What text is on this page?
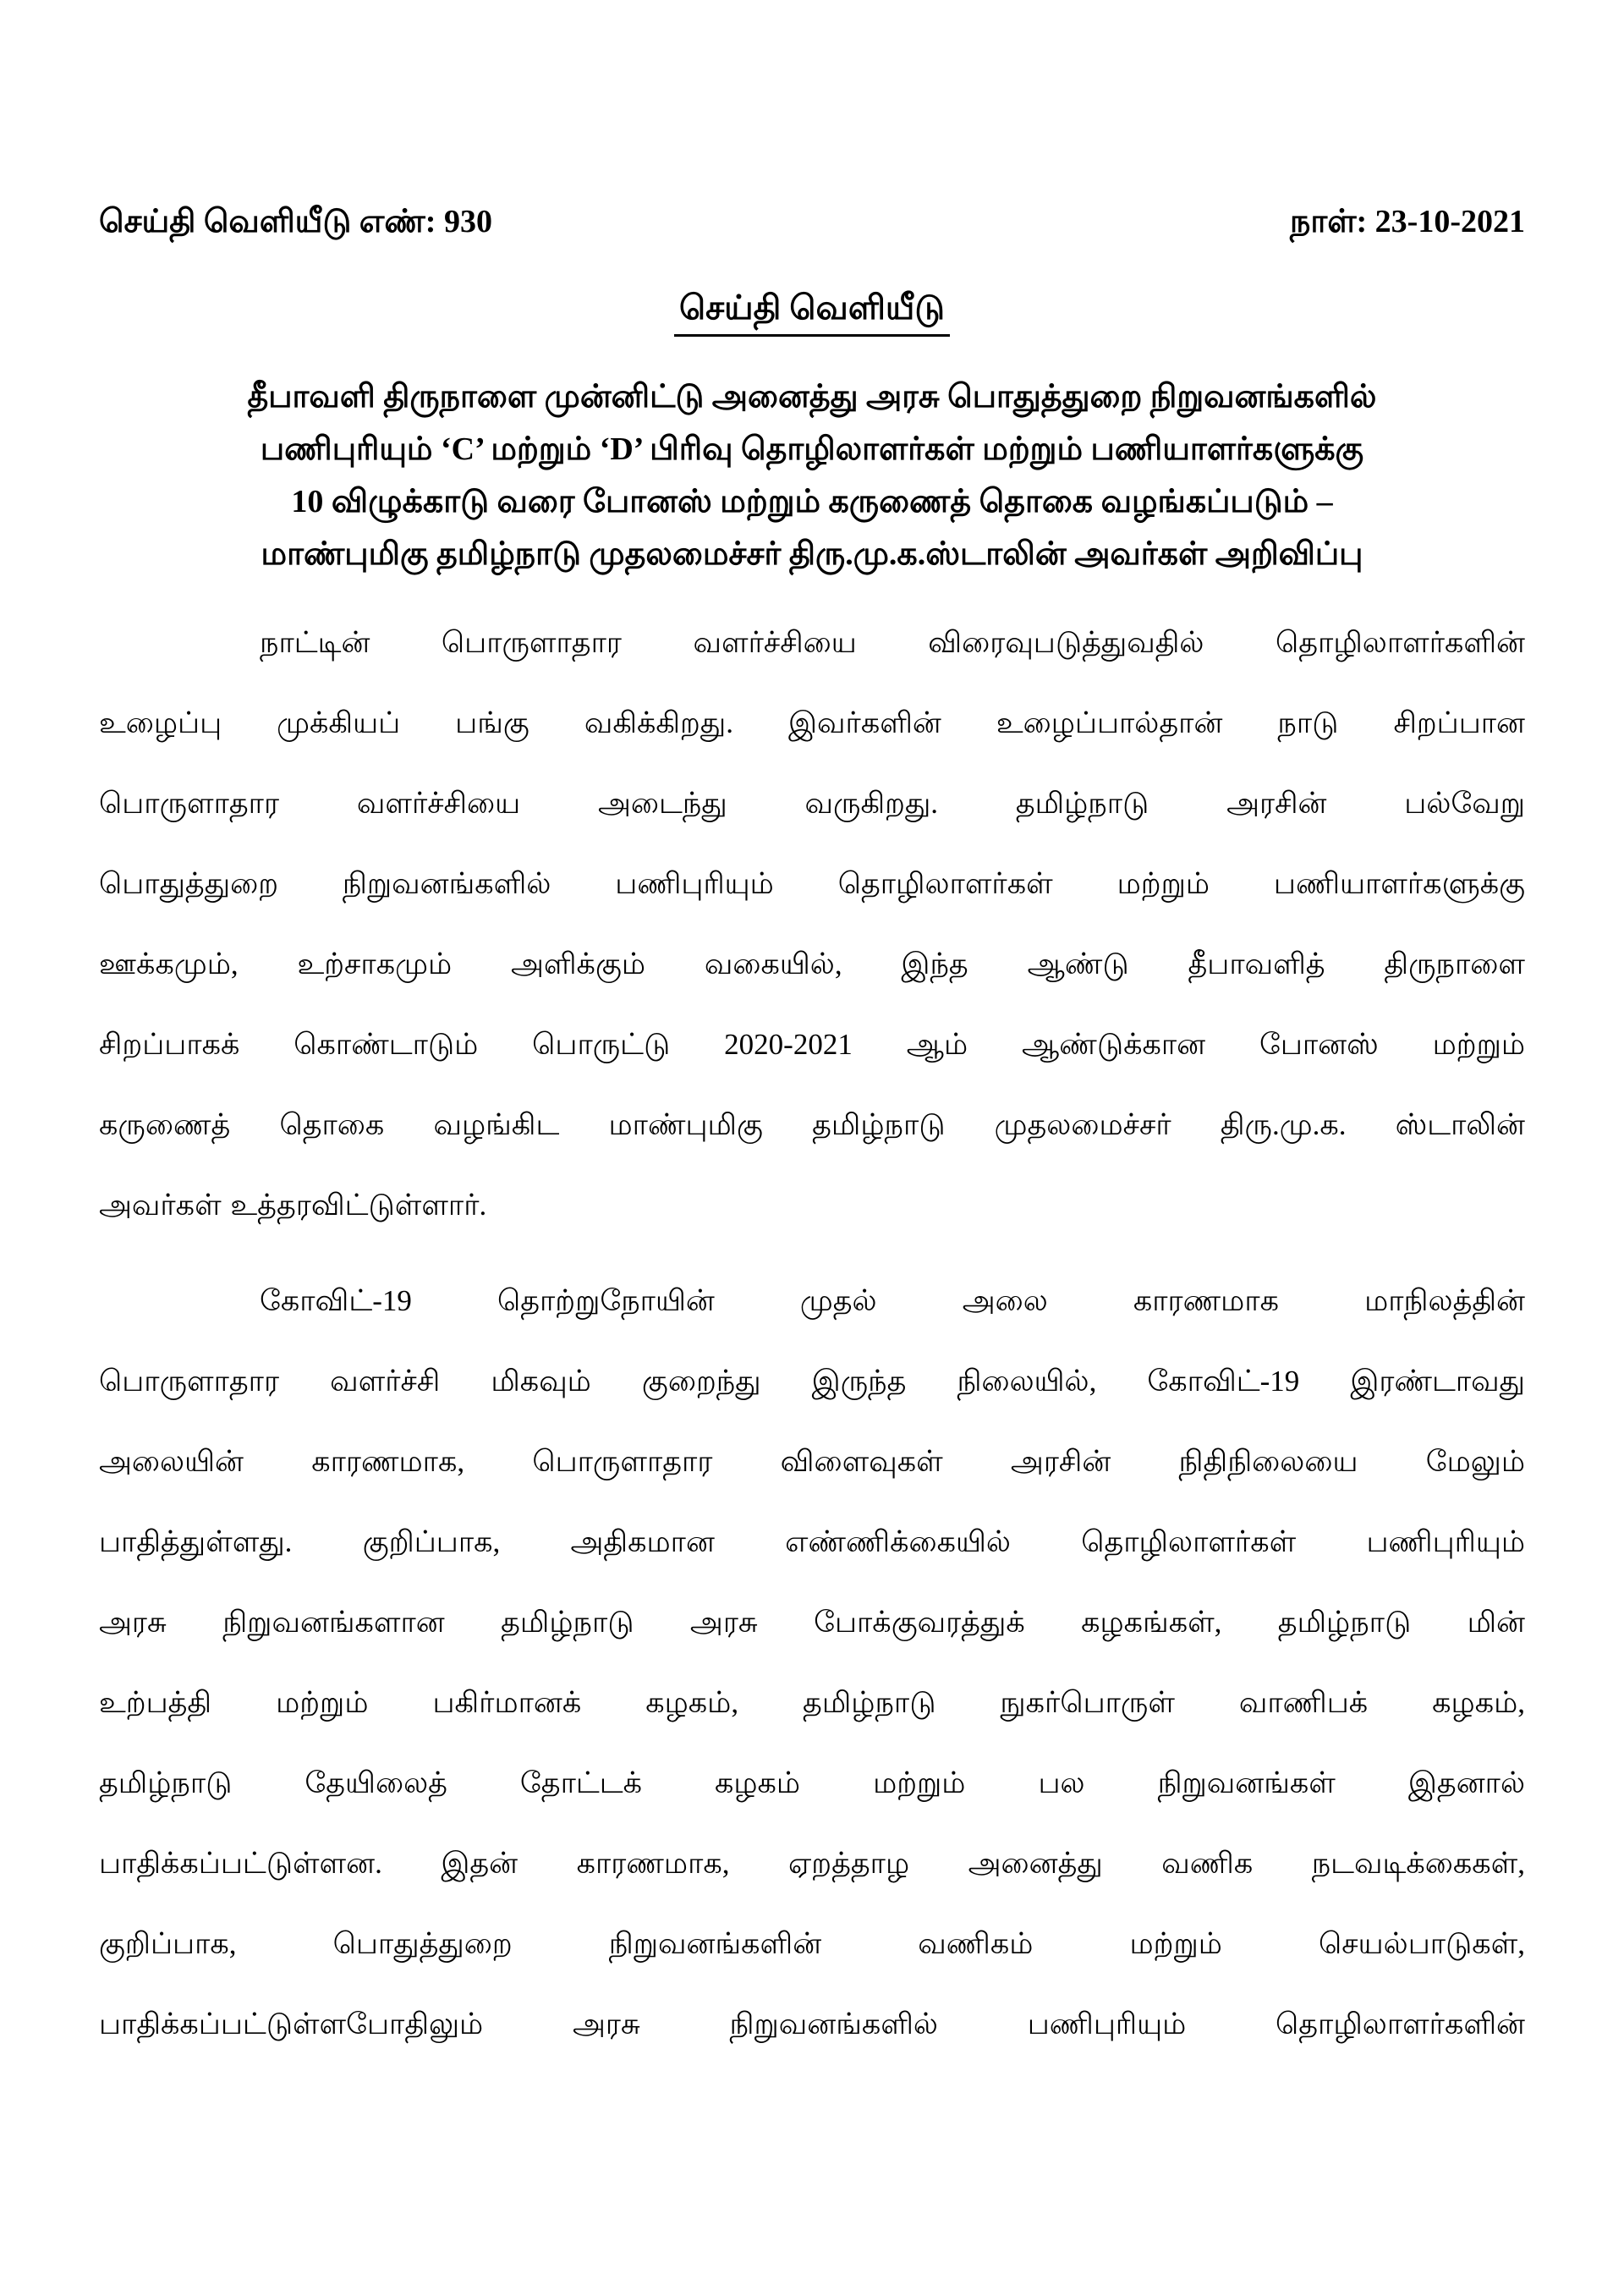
செய்தி வெளியீடு எண்: 930	நாள்: 23-10-2021
செய்தி வெளியீடு
தீபாவளி திருநாளை முன்னிட்டு அனைத்து அரசு பொதுத்துறை நிறுவனங்களில்
பணிபுரியும் ‘C’ மற்றும் ‘D’ பிரிவு தொழிலாளர்கள் மற்றும் பணியாளர்களுக்கு
10 விழுக்காடு வரை போனஸ் மற்றும் கருணைத் தொகை வழங்கப்படும் –
மாண்புமிகு தமிழ்நாடு முதலமைச்சர் திரு.மு.க.ஸ்டாலின் அவர்கள் அறிவிப்பு
நாட்டின் பொருளாதார வளர்ச்சியை விரைவுபடுத்துவதில் தொழிலாளர்களின்
உழைப்பு முக்கியப் பங்கு வகிக்கிறது. இவர்களின் உழைப்பால்தான் நாடு சிறப்பான
பொருளாதார வளர்ச்சியை அடைந்து வருகிறது. தமிழ்நாடு அரசின் பல்வேறு
பொதுத்துறை நிறுவனங்களில் பணிபுரியும் தொழிலாளர்கள் மற்றும் பணியாளர்களுக்கு
ஊக்கமும், உற்சாகமும் அளிக்கும் வகையில், இந்த ஆண்டு தீபாவளித் திருநாளை
சிறப்பாகக் கொண்டாடும் பொருட்டு 2020-2021 ஆம் ஆண்டுக்கான போனஸ் மற்றும்
கருணைத் தொகை வழங்கிட மாண்புமிகு தமிழ்நாடு முதலமைச்சர் திரு.மு.க. ஸ்டாலின்
அவர்கள் உத்தரவிட்டுள்ளார்.
கோவிட்-19 தொற்றுநோயின் முதல் அலை காரணமாக மாநிலத்தின்
பொருளாதார வளர்ச்சி மிகவும் குறைந்து இருந்த நிலையில், கோவிட்-19 இரண்டாவது
அலையின் காரணமாக, பொருளாதார விளைவுகள் அரசின் நிதிநிலையை மேலும்
பாதித்துள்ளது. குறிப்பாக, அதிகமான எண்ணிக்கையில் தொழிலாளர்கள் பணிபுரியும்
அரசு நிறுவனங்களான தமிழ்நாடு அரசு போக்குவரத்துக் கழகங்கள், தமிழ்நாடு மின்
உற்பத்தி மற்றும் பகிர்மானக் கழகம், தமிழ்நாடு நுகர்பொருள் வாணிபக் கழகம்,
தமிழ்நாடு தேயிலைத் தோட்டக் கழகம் மற்றும் பல நிறுவனங்கள் இதனால்
பாதிக்கப்பட்டுள்ளன. இதன் காரணமாக, ஏறத்தாழ அனைத்து வணிக நடவடிக்கைகள்,
குறிப்பாக, பொதுத்துறை நிறுவனங்களின் வணிகம் மற்றும் செயல்பாடுகள்,
பாதிக்கப்பட்டுள்ளபோதிலும் அரசு நிறுவனங்களில் பணிபுரியும் தொழிலாளர்களின்
